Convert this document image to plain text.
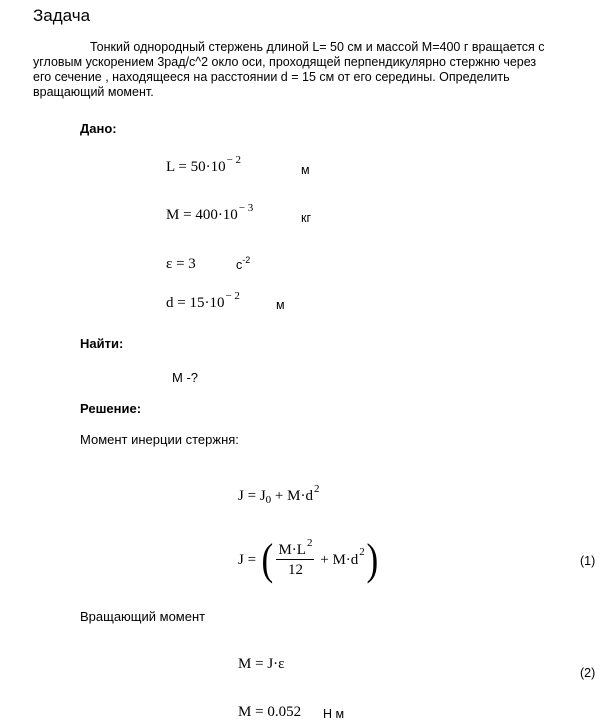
Задача
Тонкий однородный стержень длиной L= 50 см и массой M=400 г вращается с
угловым ускорением 3рад/с^2 окло оси, проходящей перпендикулярно стержню через
его сечение , находящееся на расстоянии d = 15 см от его середины. Определить
вращающий момент.
Дано:
$L = 50\cdot 10^{- 2}$
м
$M = 400\cdot 10^{- 3}$
кг
ε = 3	$с^{-2}$
$d = 15\cdot 10^{- 2}$
м
Найти:
M -?
Решение:
Момент инерции стержня:
$J = J_0 + M\cdot d^2$
J
=
( $\frac{M\cdot L^2}{12}$
+
$M\cdot d^2$ )	(1)
Вращающий момент
M = J·ε
(2)
M = 0.052 Н м
